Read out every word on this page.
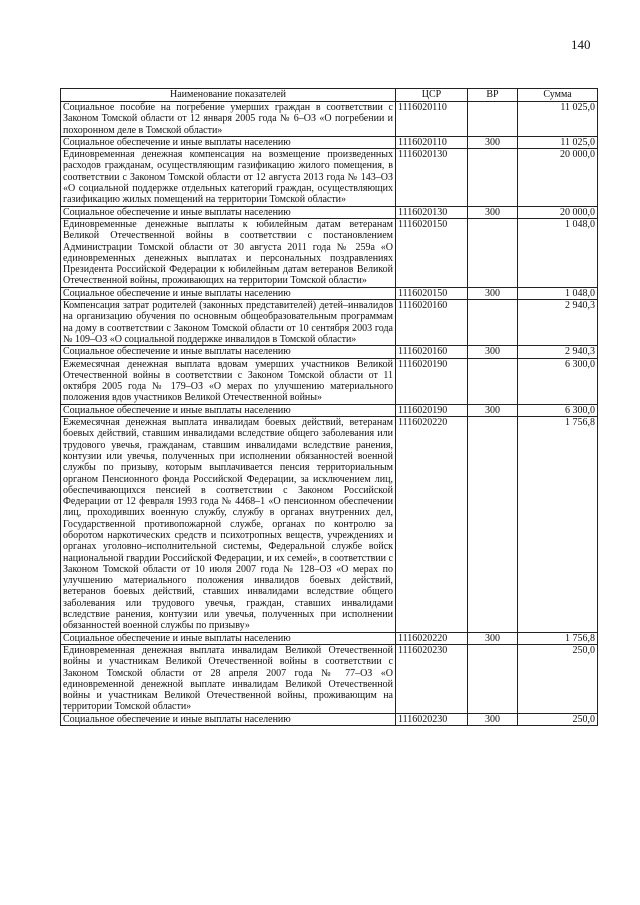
140
Наименование показателей	ЦСР	ВР	Сумма
Социальное пособие на погребение умерших граждан в соответствии с Законом Томской области от 12 января 2005 года № 6–ОЗ «О погребении и похоронном деле в Томской области»	1116020110		11 025,0
Социальное обеспечение и иные выплаты населению	1116020110	300	11 025,0
Единовременная денежная компенсация на возмещение произведенных расходов гражданам, осуществляющим газификацию жилого помещения, в соответствии с Законом Томской области от 12 августа 2013 года № 143–ОЗ «О социальной поддержке отдельных категорий граждан, осуществляющих газификацию жилых помещений на территории Томской области»	1116020130		20 000,0
Социальное обеспечение и иные выплаты населению	1116020130	300	20 000,0
Единовременные денежные выплаты к юбилейным датам ветеранам Великой Отечественной войны в соответствии с постановлением Администрации Томской области от 30 августа 2011 года № 259а «О единовременных денежных выплатах и персональных поздравлениях Президента Российской Федерации к юбилейным датам ветеранов Великой Отечественной войны, проживающих на территории Томской области»	1116020150		1 048,0
Социальное обеспечение и иные выплаты населению	1116020150	300	1 048,0
Компенсация затрат родителей (законных представителей) детей–инвалидов на организацию обучения по основным общеобразовательным программам на дому в соответствии с Законом Томской области от 10 сентября 2003 года № 109–ОЗ «О социальной поддержке инвалидов в Томской области»	1116020160		2 940,3
Социальное обеспечение и иные выплаты населению	1116020160	300	2 940,3
Ежемесячная денежная выплата вдовам умерших участников Великой Отечественной войны в соответствии с Законом Томской области от 11 октября 2005 года № 179–ОЗ «О мерах по улучшению материального положения вдов участников Великой Отечественной войны»	1116020190		6 300,0
Социальное обеспечение и иные выплаты населению	1116020190	300	6 300,0
Ежемесячная денежная выплата инвалидам боевых действий, ветеранам боевых действий, ставшим инвалидами вследствие общего заболевания или трудового увечья, гражданам, ставшим инвалидами вследствие ранения, контузии или увечья, полученных при исполнении обязанностей военной службы по призыву, которым выплачивается пенсия территориальным органом Пенсионного фонда Российской Федерации, за исключением лиц, обеспечивающихся пенсией в соответствии с Законом Российской Федерации от 12 февраля 1993 года № 4468–1 «О пенсионном обеспечении лиц, проходивших военную службу, службу в органах внутренних дел, Государственной противопожарной службе, органах по контролю за оборотом наркотических средств и психотропных веществ, учреждениях и органах уголовно–исполнительной системы, Федеральной службе войск национальной гвардии Российской Федерации, и их семей», в соответствии с Законом Томской области от 10 июля 2007 года № 128–ОЗ «О мерах по улучшению материального положения инвалидов боевых действий, ветеранов боевых действий, ставших инвалидами вследствие общего заболевания или трудового увечья, граждан, ставших инвалидами вследствие ранения, контузии или увечья, полученных при исполнении обязанностей военной службы по призыву»	1116020220		1 756,8
Социальное обеспечение и иные выплаты населению	1116020220	300	1 756,8
Единовременная денежная выплата инвалидам Великой Отечественной войны и участникам Великой Отечественной войны в соответствии с Законом Томской области от 28 апреля 2007 года № 77–ОЗ «О единовременной денежной выплате инвалидам Великой Отечественной войны и участникам Великой Отечественной войны, проживающим на территории Томской области»	1116020230		250,0
Социальное обеспечение и иные выплаты населению	1116020230	300	250,0
